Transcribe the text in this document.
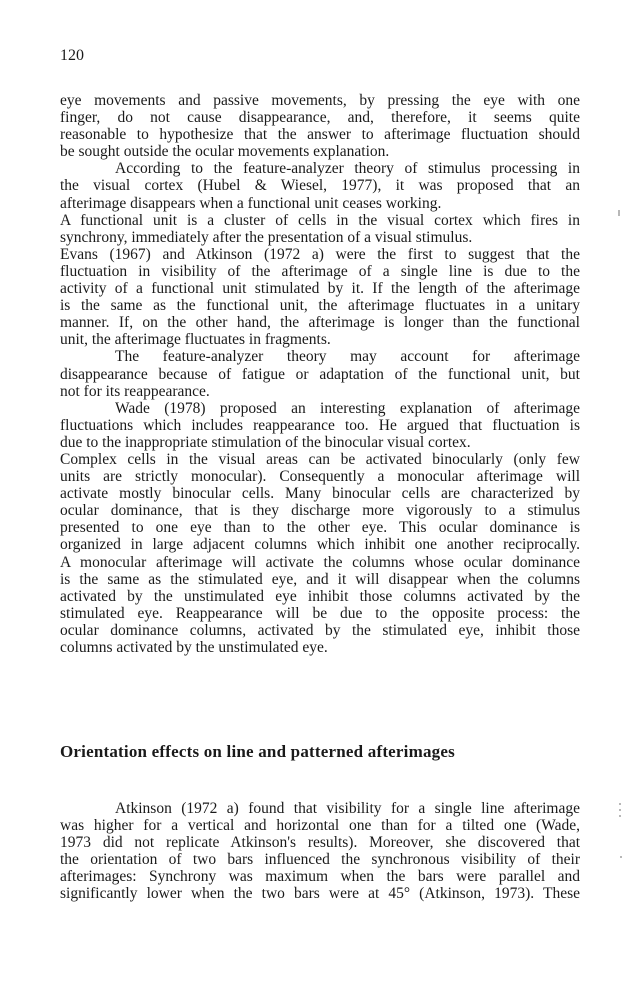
120
eye movements and passive movements, by pressing the eye with one
finger, do not cause disappearance, and, therefore, it seems quite
reasonable to hypothesize that the answer to afterimage fluctuation should
be sought outside the ocular movements explanation.
According to the feature-analyzer theory of stimulus processing in
the visual cortex (Hubel & Wiesel, 1977), it was proposed that an
afterimage disappears when a functional unit ceases working.
A functional unit is a cluster of cells in the visual cortex which fires in
synchrony, immediately after the presentation of a visual stimulus.
Evans (1967) and Atkinson (1972 a) were the first to suggest that the
fluctuation in visibility of the afterimage of a single line is due to the
activity of a functional unit stimulated by it. If the length of the afterimage
is the same as the functional unit, the afterimage fluctuates in a unitary
manner. If, on the other hand, the afterimage is longer than the functional
unit, the afterimage fluctuates in fragments.
The feature-analyzer theory may account for afterimage
disappearance because of fatigue or adaptation of the functional unit, but
not for its reappearance.
Wade (1978) proposed an interesting explanation of afterimage
fluctuations which includes reappearance too. He argued that fluctuation is
due to the inappropriate stimulation of the binocular visual cortex.
Complex cells in the visual areas can be activated binocularly (only few
units are strictly monocular). Consequently a monocular afterimage will
activate mostly binocular cells. Many binocular cells are characterized by
ocular dominance, that is they discharge more vigorously to a stimulus
presented to one eye than to the other eye. This ocular dominance is
organized in large adjacent columns which inhibit one another reciprocally.
A monocular afterimage will activate the columns whose ocular dominance
is the same as the stimulated eye, and it will disappear when the columns
activated by the unstimulated eye inhibit those columns activated by the
stimulated eye. Reappearance will be due to the opposite process: the
ocular dominance columns, activated by the stimulated eye, inhibit those
columns activated by the unstimulated eye.
Orientation effects on line and patterned afterimages
Atkinson (1972 a) found that visibility for a single line afterimage
was higher for a vertical and horizontal one than for a tilted one (Wade,
1973 did not replicate Atkinson's results). Moreover, she discovered that
the orientation of two bars influenced the synchronous visibility of their
afterimages: Synchrony was maximum when the bars were parallel and
significantly lower when the two bars were at 45° (Atkinson, 1973). These
